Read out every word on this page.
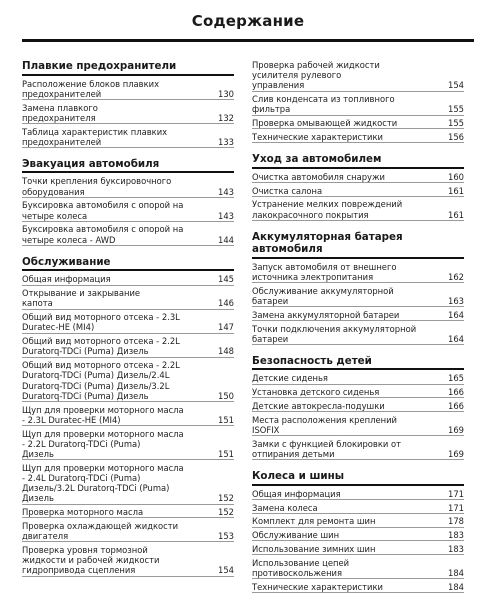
Содержание
Плавкие предохранители
Расположение блоков плавких
предохранителей	130
Замена плавкого
предохранителя	132
Таблица характеристик плавких
предохранителей	133
Эвакуация автомобиля
Точки крепления буксировочного
оборудования	143
Буксировка автомобиля с опорой на
четыре колеса	143
Буксировка автомобиля с опорой на
четыре колеса - AWD	144
Обслуживание
Общая информация	145
Открывание и закрывание
капота	146
Общий вид моторного отсека - 2.3L
Duratec-HE (MI4)	147
Общий вид моторного отсека - 2.2L
Duratorq-TDCi (Puma) Дизель	148
Общий вид моторного отсека - 2.2L
Duratorq-TDCi (Puma) Дизель/2.4L
Duratorq-TDCi (Puma) Дизель/3.2L
Duratorq-TDCi (Puma) Дизель	150
Щуп для проверки моторного масла
- 2.3L Duratec-HE (MI4)	151
Щуп для проверки моторного масла
- 2.2L Duratorq-TDCi (Puma)
Дизель	151
Щуп для проверки моторного масла
- 2.4L Duratorq-TDCi (Puma)
Дизель/3.2L Duratorq-TDCi (Puma)
Дизель	152
Проверка моторного масла	152
Проверка охлаждающей жидкости
двигателя	153
Проверка уровня тормозной
жидкости и рабочей жидкости
гидропривода сцепления	154
Проверка рабочей жидкости
усилителя рулевого
управления	154
Слив конденсата из топливного
фильтра	155
Проверка омывающей жидкости	155
Технические характеристики	156
Уход за автомобилем
Очистка автомобиля снаружи	160
Очистка салона	161
Устранение мелких повреждений
лакокрасочного покрытия	161
Аккумуляторная батарея
автомобиля
Запуск автомобиля от внешнего
источника электропитания	162
Обслуживание аккумуляторной
батареи	163
Замена аккумуляторной батареи	164
Точки подключения аккумуляторной
батареи	164
Безопасность детей
Детские сиденья	165
Установка детского сиденья	166
Детские автокресла-подушки	166
Места расположения креплений
ISOFIX	169
Замки с функцией блокировки от
отпирания детьми	169
Колеса и шины
Общая информация	171
Замена колеса	171
Комплект для ремонта шин	178
Обслуживание шин	183
Использование зимних шин	183
Использование цепей
противоскольжения	184
Технические характеристики	184
